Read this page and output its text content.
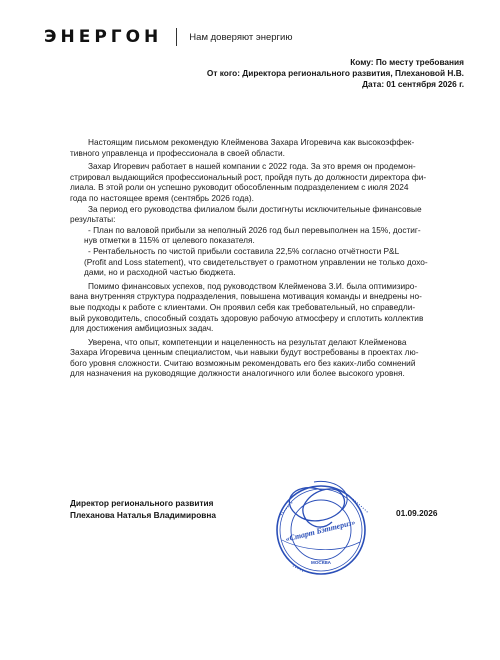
ЭНЕРГОН	Нам доверяют энергию
Кому: По месту требования
От кого: Директора регионального развития, Плехановой Н.В.
Дата: 01 сентября 2026 г.
Настоящим письмом рекомендую Клейменова Захара Игоревича как высокоэффек-
тивного управленца и профессионала в своей области.
Захар Игоревич работает в нашей компании с 2022 года. За это время он продемон-
стрировал выдающийся профессиональный рост, пройдя путь до должности директора фи-
лиала. В этой роли он успешно руководит обособленным подразделением с июля 2024
года по настоящее время (сентябрь 2026 года).
За период его руководства филиалом были достигнуты исключительные финансовые
результаты:
- План по валовой прибыли за неполный 2026 год был перевыполнен на 15%, достиг-
нув отметки в 115% от целевого показателя.
- Рентабельность по чистой прибыли составила 22,5% согласно отчётности P&L
(Profit and Loss statement), что свидетельствует о грамотном управлении не только дохо-
дами, но и расходной частью бюджета.
Помимо финансовых успехов, под руководством Клейменова З.И. была оптимизиро-
вана внутренняя структура подразделения, повышена мотивация команды и внедрены но-
вые подходы к работе с клиентами. Он проявил себя как требовательный, но справедли-
вый руководитель, способный создать здоровую рабочую атмосферу и сплотить коллектив
для достижения амбициозных задач.
Уверена, что опыт, компетенции и нацеленность на результат делают Клейменова
Захара Игоревича ценным специалистом, чьи навыки будут востребованы в проектах лю-
бого уровня сложности. Считаю возможным рекомендовать его без каких-либо сомнений
для назначения на руководящие должности аналогичного или более высокого уровня.
Директор регионального развития
Плеханова Наталья Владимировна	01.09.2026
• • • • • • • •	• • • • • • • •
• • • • •
«Старт Бэттериз»
МОСКВА
